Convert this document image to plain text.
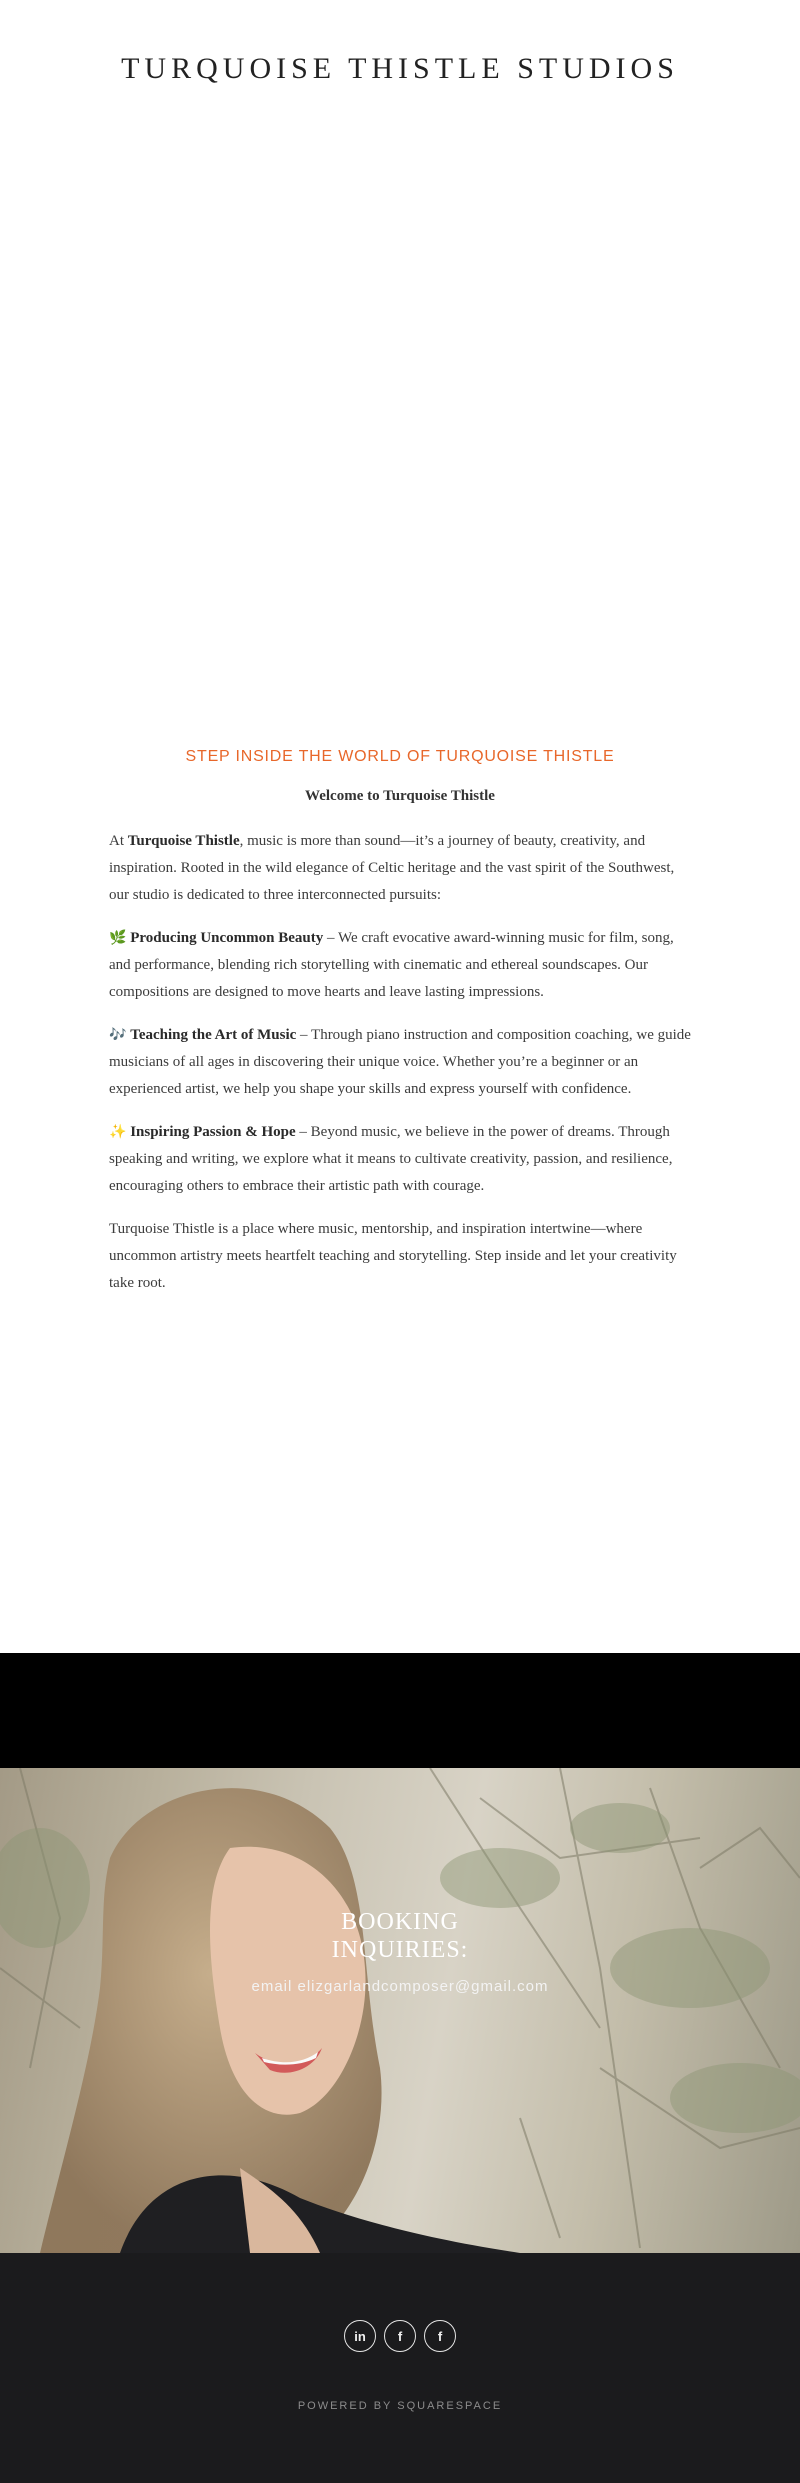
TURQUOISE THISTLE STUDIOS
STEP INSIDE THE WORLD OF TURQUOISE THISTLE
Welcome to Turquoise Thistle

At Turquoise Thistle, music is more than sound—it’s a journey of beauty, creativity, and inspiration. Rooted in the wild elegance of Celtic heritage and the vast spirit of the Southwest, our studio is dedicated to three interconnected pursuits:

🌿 Producing Uncommon Beauty – We craft evocative award-winning music for film, song, and performance, blending rich storytelling with cinematic and ethereal soundscapes. Our compositions are designed to move hearts and leave lasting impressions.

🎶 Teaching the Art of Music – Through piano instruction and composition coaching, we guide musicians of all ages in discovering their unique voice. Whether you’re a beginner or an experienced artist, we help you shape your skills and express yourself with confidence.

✨ Inspiring Passion & Hope – Beyond music, we believe in the power of dreams. Through speaking and writing, we explore what it means to cultivate creativity, passion, and resilience, encouraging others to embrace their artistic path with courage.

Turquoise Thistle is a place where music, mentorship, and inspiration intertwine—where uncommon artistry meets heartfelt teaching and storytelling. Step inside and let your creativity take root.

BOOKING
INQUIRIES:
email elizgarlandcomposer@gmail.com
in	f	f
POWERED BY SQUARESPACE
